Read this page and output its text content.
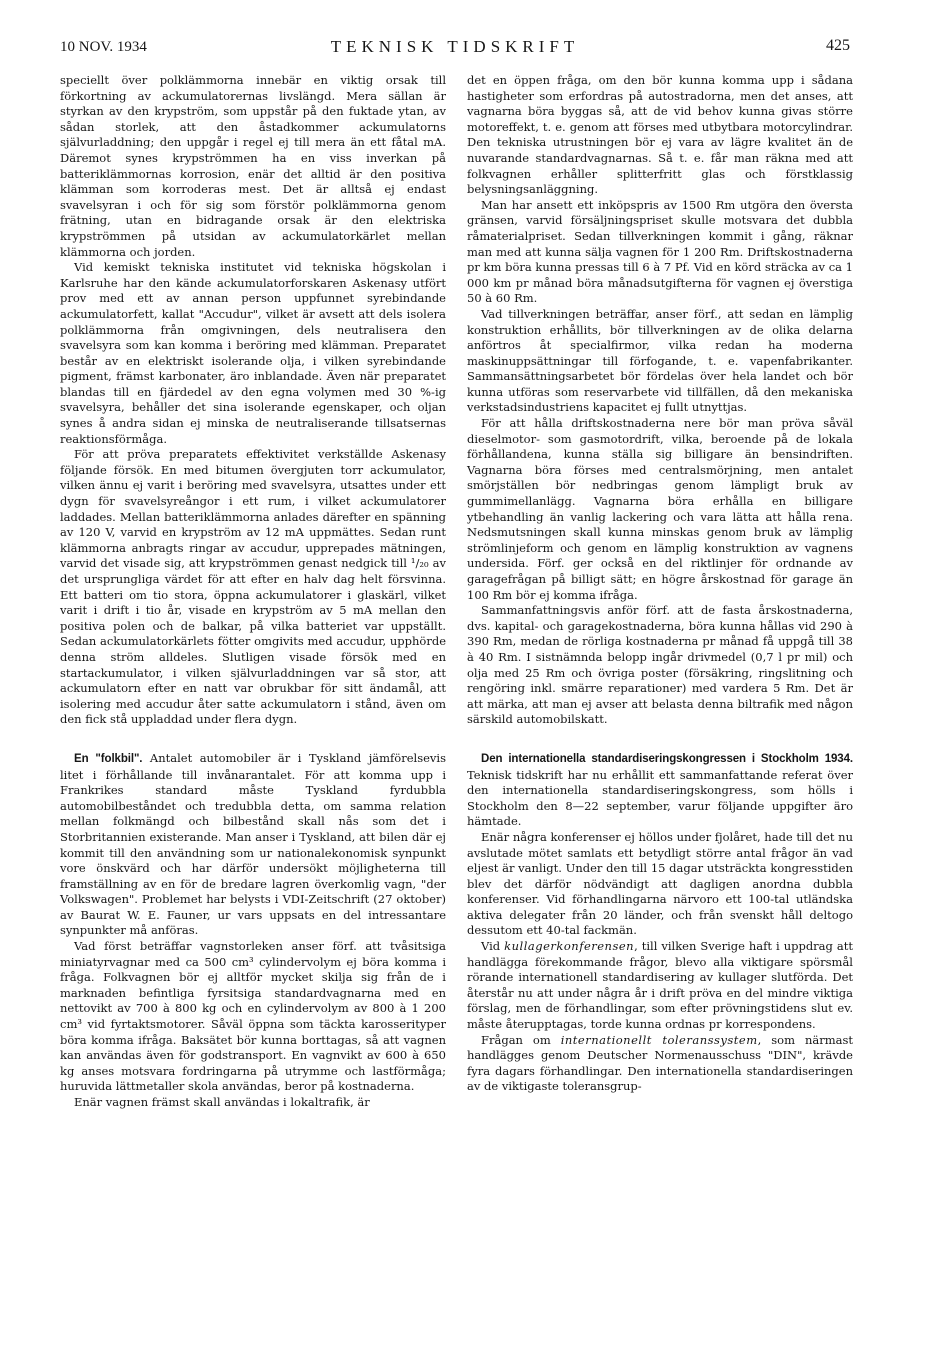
10 NOV. 1934	TEKNISK TIDSKRIFT	425

speciellt över polklämmorna innebär en viktig orsak till förkortning av ackumulatorernas livslängd. Mera sällan är styrkan av den krypström, som uppstår på den fuktade ytan, av sådan storlek, att den åstadkommer ackumulatorns självurladdning; den uppgår i regel ej till mera än ett fåtal mA. Däremot synes krypströmmen ha en viss inverkan på batteriklämmornas korrosion, enär det alltid är den positiva klämman som korroderas mest. Det är alltså ej endast svavelsyran i och för sig som förstör polklämmorna genom frätning, utan en bidragande orsak är den elektriska krypströmmen på utsidan av ackumulatorkärlet mellan klämmorna och jorden.

Vid kemiskt tekniska institutet vid tekniska högskolan i Karlsruhe har den kände ackumulatorforskaren Askenasy utfört prov med ett av annan person uppfunnet syrebindande ackumulatorfett, kallat "Accudur", vilket är avsett att dels isolera polklämmorna från omgivningen, dels neutralisera den svavelsyra som kan komma i beröring med klämman. Preparatet består av en elektriskt isolerande olja, i vilken syrebindande pigment, främst karbonater, äro inblandade. Även när preparatet blandas till en fjärdedel av den egna volymen med 30 %-ig svavelsyra, behåller det sina isolerande egenskaper, och oljan synes å andra sidan ej minska de neutraliserande tillsatsernas reaktionsförmåga.

För att pröva preparatets effektivitet verkställde Askenasy följande försök. En med bitumen övergjuten torr ackumulator, vilken ännu ej varit i beröring med svavelsyra, utsattes under ett dygn för svavelsyreångor i ett rum, i vilket ackumulatorer laddades. Mellan batteriklämmorna anlades därefter en spänning av 120 V, varvid en krypström av 12 mA uppmättes. Sedan runt klämmorna anbragts ringar av accudur, upprepades mätningen, varvid det visade sig, att krypströmmen genast nedgick till ¹/₂₀ av det ursprungliga värdet för att efter en halv dag helt försvinna. Ett batteri om tio stora, öppna ackumulatorer i glaskärl, vilket varit i drift i tio år, visade en krypström av 5 mA mellan den positiva polen och de balkar, på vilka batteriet var uppställt. Sedan ackumulatorkärlets fötter omgivits med accudur, upphörde denna ström alldeles. Slutligen visade försök med en startackumulator, i vilken självurladdningen var så stor, att ackumulatorn efter en natt var obrukbar för sitt ändamål, att isolering med accudur åter satte ackumulatorn i stånd, även om den fick stå uppladdad under flera dygn.

En "folkbil". Antalet automobiler är i Tyskland jämförelsevis litet i förhållande till invånarantalet. För att komma upp i Frankrikes standard måste Tyskland fyrdubbla automobilbeståndet och tredubbla detta, om samma relation mellan folkmängd och bilbestånd skall nås som det i Storbritannien existerande. Man anser i Tyskland, att bilen där ej kommit till den användning som ur nationalekonomisk synpunkt vore önskvärd och har därför undersökt möjligheterna till framställning av en för de bredare lagren överkomlig vagn, "der Volkswagen". Problemet har belysts i VDI-Zeitschrift (27 oktober) av Baurat W. E. Fauner, ur vars uppsats en del intressantare synpunkter må anföras.

Vad först beträffar vagnstorleken anser förf. att tvåsitsiga miniatyrvagnar med ca 500 cm³ cylindervolym ej böra komma i fråga. Folkvagnen bör ej alltför mycket skilja sig från de i marknaden befintliga fyrsitsiga standardvagnarna med en nettovikt av 700 à 800 kg och en cylindervolym av 800 à 1 200 cm³ vid fyrtaktsmotorer. Såväl öppna som täckta karosserityper böra komma ifråga. Baksätet bör kunna borttagas, så att vagnen kan användas även för godstransport. En vagnvikt av 600 à 650 kg anses motsvara fordringarna på utrymme och lastförmåga; huruvida lättmetaller skola användas, beror på kostnaderna.

Enär vagnen främst skall användas i lokaltrafik, är

det en öppen fråga, om den bör kunna komma upp i sådana hastigheter som erfordras på autostradorna, men det anses, att vagnarna böra byggas så, att de vid behov kunna givas större motoreffekt, t. e. genom att förses med utbytbara motorcylindrar. Den tekniska utrustningen bör ej vara av lägre kvalitet än de nuvarande standardvagnarnas. Så t. e. får man räkna med att folkvagnen erhåller splitterfritt glas och förstklassig belysningsanläggning.

Man har ansett ett inköpspris av 1500 Rm utgöra den översta gränsen, varvid försäljningspriset skulle motsvara det dubbla råmaterialpriset. Sedan tillverkningen kommit i gång, räknar man med att kunna sälja vagnen för 1 200 Rm. Driftskostnaderna pr km böra kunna pressas till 6 à 7 Pf. Vid en körd sträcka av ca 1 000 km pr månad böra månadsutgifterna för vagnen ej överstiga 50 à 60 Rm.

Vad tillverkningen beträffar, anser förf., att sedan en lämplig konstruktion erhållits, bör tillverkningen av de olika delarna anförtros åt specialfirmor, vilka redan ha moderna maskinuppsättningar till förfogande, t. e. vapenfabrikanter. Sammansättningsarbetet bör fördelas över hela landet och bör kunna utföras som reservarbete vid tillfällen, då den mekaniska verkstadsindustriens kapacitet ej fullt utnyttjas.

För att hålla driftskostnaderna nere bör man pröva såväl dieselmotor- som gasmotordrift, vilka, beroende på de lokala förhållandena, kunna ställa sig billigare än bensindriften. Vagnarna böra förses med centralsmörjning, men antalet smörjställen bör nedbringas genom lämpligt bruk av gummimellanlägg. Vagnarna böra erhålla en billigare ytbehandling än vanlig lackering och vara lätta att hålla rena. Nedsmutsningen skall kunna minskas genom bruk av lämplig strömlinjeform och genom en lämplig konstruktion av vagnens undersida. Förf. ger också en del riktlinjer för ordnande av garagefrågan på billigt sätt; en högre årskostnad för garage än 100 Rm bör ej komma ifråga.

Sammanfattningsvis anför förf. att de fasta årskostnaderna, dvs. kapital- och garagekostnaderna, böra kunna hållas vid 290 à 390 Rm, medan de rörliga kostnaderna pr månad få uppgå till 38 à 40 Rm. I sistnämnda belopp ingår drivmedel (0,7 l pr mil) och olja med 25 Rm och övriga poster (försäkring, ringslitning och rengöring inkl. smärre reparationer) med vardera 5 Rm. Det är att märka, att man ej avser att belasta denna biltrafik med någon särskild automobilskatt.

Den internationella standardiseringskongressen i Stockholm 1934. Teknisk tidskrift har nu erhållit ett sammanfattande referat över den internationella standardiseringskongress, som hölls i Stockholm den 8—22 september, varur följande uppgifter äro hämtade.

Enär några konferenser ej höllos under fjolåret, hade till det nu avslutade mötet samlats ett betydligt större antal frågor än vad eljest är vanligt. Under den till 15 dagar utsträckta kongresstiden blev det därför nödvändigt att dagligen anordna dubbla konferenser. Vid förhandlingarna närvoro ett 100-tal utländska aktiva delegater från 20 länder, och från svenskt håll deltogo dessutom ett 40-tal fackmän.

Vid kullagerkonferensen, till vilken Sverige haft i uppdrag att handlägga förekommande frågor, blevo alla viktigare spörsmål rörande internationell standardisering av kullager slutförda. Det återstår nu att under några år i drift pröva en del mindre viktiga förslag, men de förhandlingar, som efter prövningstidens slut ev. måste återupptagas, torde kunna ordnas pr korrespondens.

Frågan om internationellt toleranssystem, som närmast handlägges genom Deutscher Normenausschuss "DIN", krävde fyra dagars förhandlingar. Den internationella standardiseringen av de viktigaste toleransgrup-
